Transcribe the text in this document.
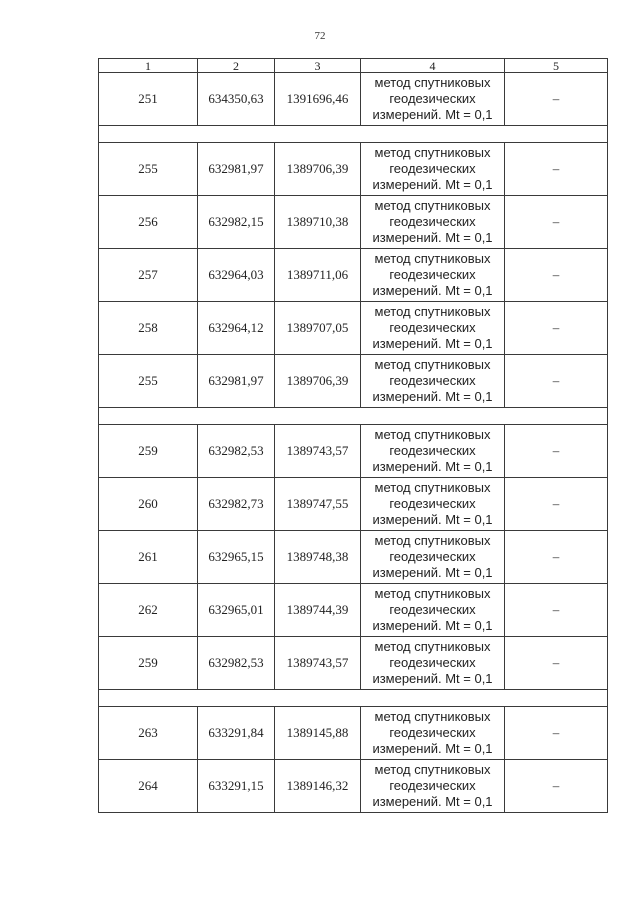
72
1	2	3	4	5
251	634350,63	1391696,46	метод спутниковых
геодезических
измерений. Mt = 0,1	–

255	632981,97	1389706,39	метод спутниковых
геодезических
измерений. Mt = 0,1	–
256	632982,15	1389710,38	метод спутниковых
геодезических
измерений. Mt = 0,1	–
257	632964,03	1389711,06	метод спутниковых
геодезических
измерений. Mt = 0,1	–
258	632964,12	1389707,05	метод спутниковых
геодезических
измерений. Mt = 0,1	–
255	632981,97	1389706,39	метод спутниковых
геодезических
измерений. Mt = 0,1	–

259	632982,53	1389743,57	метод спутниковых
геодезических
измерений. Mt = 0,1	–
260	632982,73	1389747,55	метод спутниковых
геодезических
измерений. Mt = 0,1	–
261	632965,15	1389748,38	метод спутниковых
геодезических
измерений. Mt = 0,1	–
262	632965,01	1389744,39	метод спутниковых
геодезических
измерений. Mt = 0,1	–
259	632982,53	1389743,57	метод спутниковых
геодезических
измерений. Mt = 0,1	–

263	633291,84	1389145,88	метод спутниковых
геодезических
измерений. Mt = 0,1	–
264	633291,15	1389146,32	метод спутниковых
геодезических
измерений. Mt = 0,1	–
